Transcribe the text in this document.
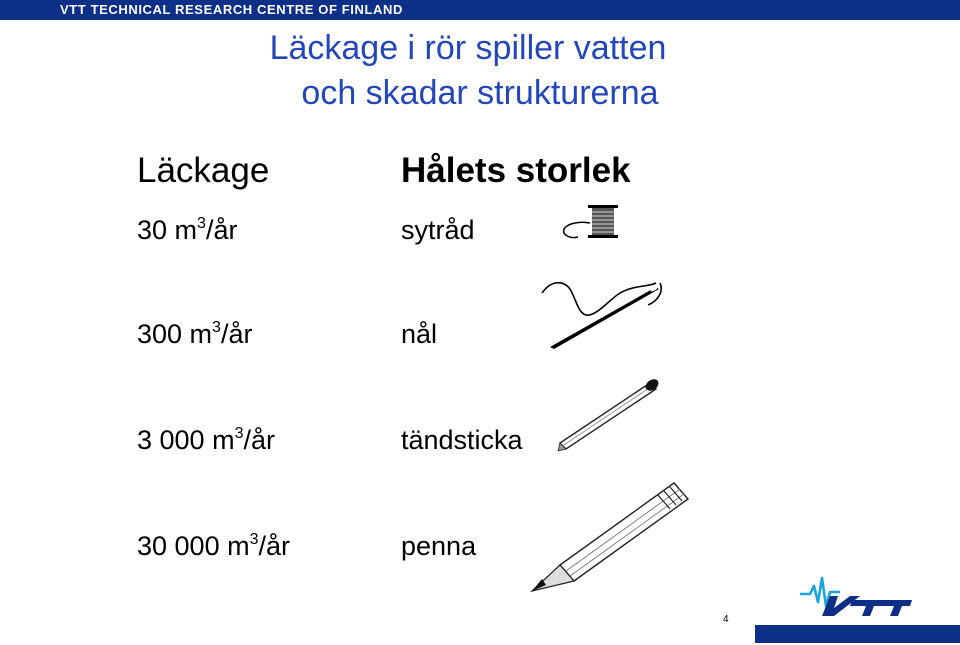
VTT TECHNICAL RESEARCH CENTRE OF FINLAND
Läckage i rör spiller vatten
och skadar strukturerna
Läckage	Hålets storlek
30 $m^3/år$	sytråd
300 $m^3/år$	nål
3 000 $m^3/år$	tändsticka
30 000 $m^3/år$	penna
4
